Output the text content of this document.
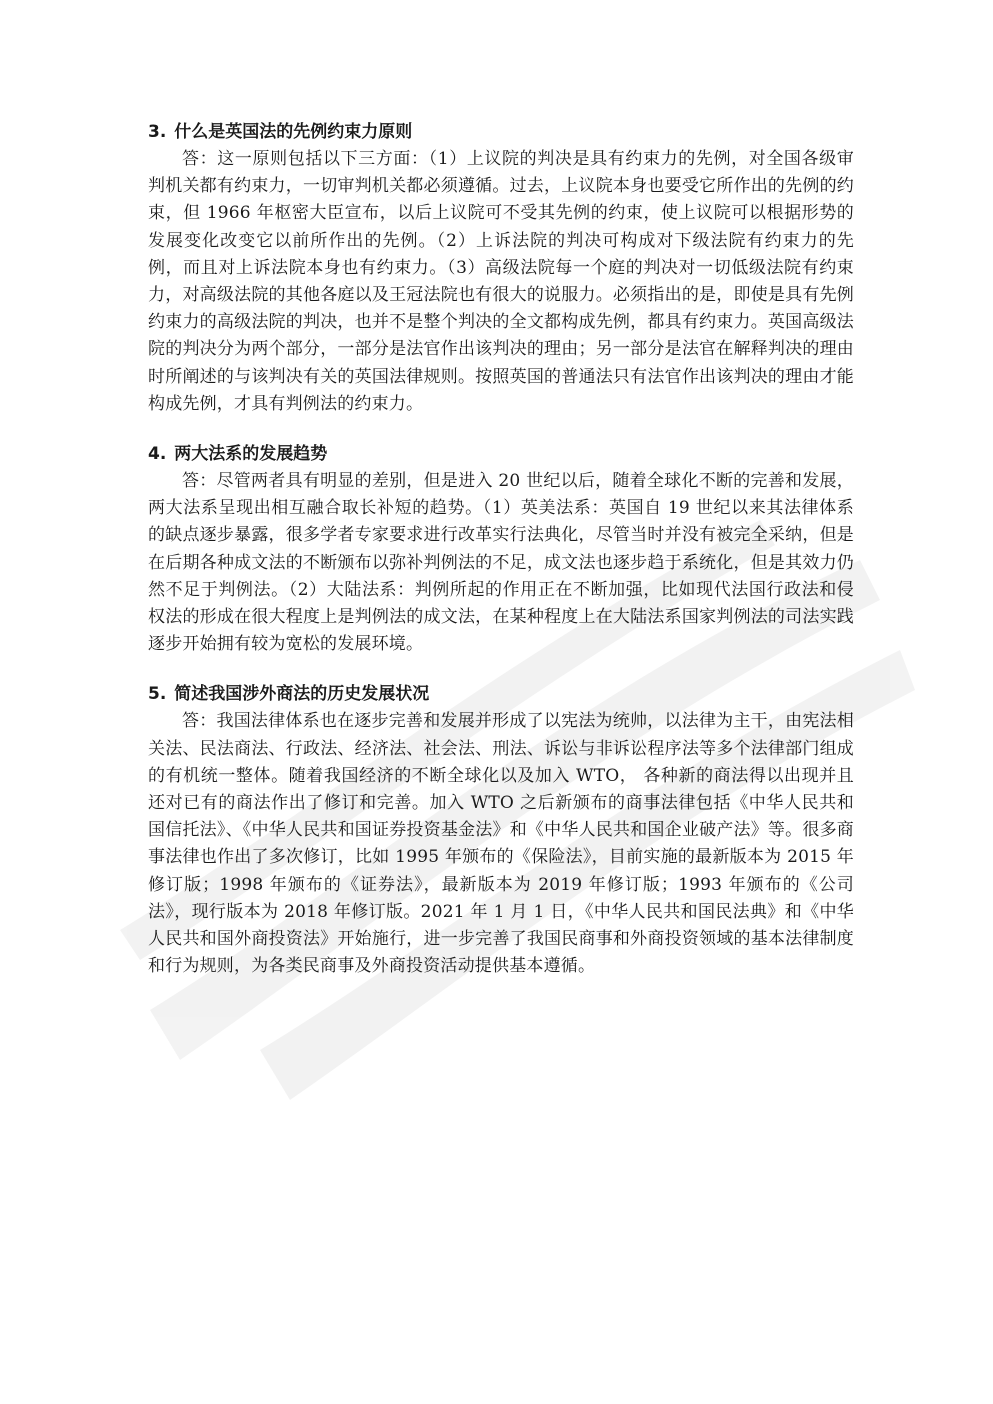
3. 什么是英国法的先例约束力原则

答：这一原则包括以下三方面：（1）上议院的判决是具有约束力的先例，对全国各级审判机关都有约束力，一切审判机关都必须遵循。过去，上议院本身也要受它所作出的先例的约束，但 1966 年枢密大臣宣布，以后上议院可不受其先例的约束，使上议院可以根据形势的发展变化改变它以前所作出的先例。（2）上诉法院的判决可构成对下级法院有约束力的先例，而且对上诉法院本身也有约束力。（3）高级法院每一个庭的判决对一切低级法院有约束力，对高级法院的其他各庭以及王冠法院也有很大的说服力。必须指出的是，即使是具有先例约束力的高级法院的判决，也并不是整个判决的全文都构成先例，都具有约束力。英国高级法院的判决分为两个部分，一部分是法官作出该判决的理由；另一部分是法官在解释判决的理由时所阐述的与该判决有关的英国法律规则。按照英国的普通法只有法官作出该判决的理由才能构成先例，才具有判例法的约束力。

4. 两大法系的发展趋势

答：尽管两者具有明显的差别，但是进入 20 世纪以后，随着全球化不断的完善和发展，两大法系呈现出相互融合取长补短的趋势。（1）英美法系：英国自 19 世纪以来其法律体系的缺点逐步暴露，很多学者专家要求进行改革实行法典化，尽管当时并没有被完全采纳，但是在后期各种成文法的不断颁布以弥补判例法的不足，成文法也逐步趋于系统化，但是其效力仍然不足于判例法。（2）大陆法系：判例所起的作用正在不断加强，比如现代法国行政法和侵权法的形成在很大程度上是判例法的成文法，在某种程度上在大陆法系国家判例法的司法实践逐步开始拥有较为宽松的发展环境。

5. 简述我国涉外商法的历史发展状况

答：我国法律体系也在逐步完善和发展并形成了以宪法为统帅，以法律为主干，由宪法相关法、民法商法、行政法、经济法、社会法、刑法、诉讼与非诉讼程序法等多个法律部门组成的有机统一整体。随着我国经济的不断全球化以及加入 WTO， 各种新的商法得以出现并且还对已有的商法作出了修订和完善。加入 WTO 之后新颁布的商事法律包括《中华人民共和国信托法》、《中华人民共和国证券投资基金法》和《中华人民共和国企业破产法》等。很多商事法律也作出了多次修订，比如 1995 年颁布的《保险法》，目前实施的最新版本为 2015 年修订版；1998 年颁布的《证券法》，最新版本为 2019 年修订版；1993 年颁布的《公司法》，现行版本为 2018 年修订版。2021 年 1 月 1 日，《中华人民共和国民法典》和《中华人民共和国外商投资法》开始施行，进一步完善了我国民商事和外商投资领域的基本法律制度和行为规则，为各类民商事及外商投资活动提供基本遵循。
